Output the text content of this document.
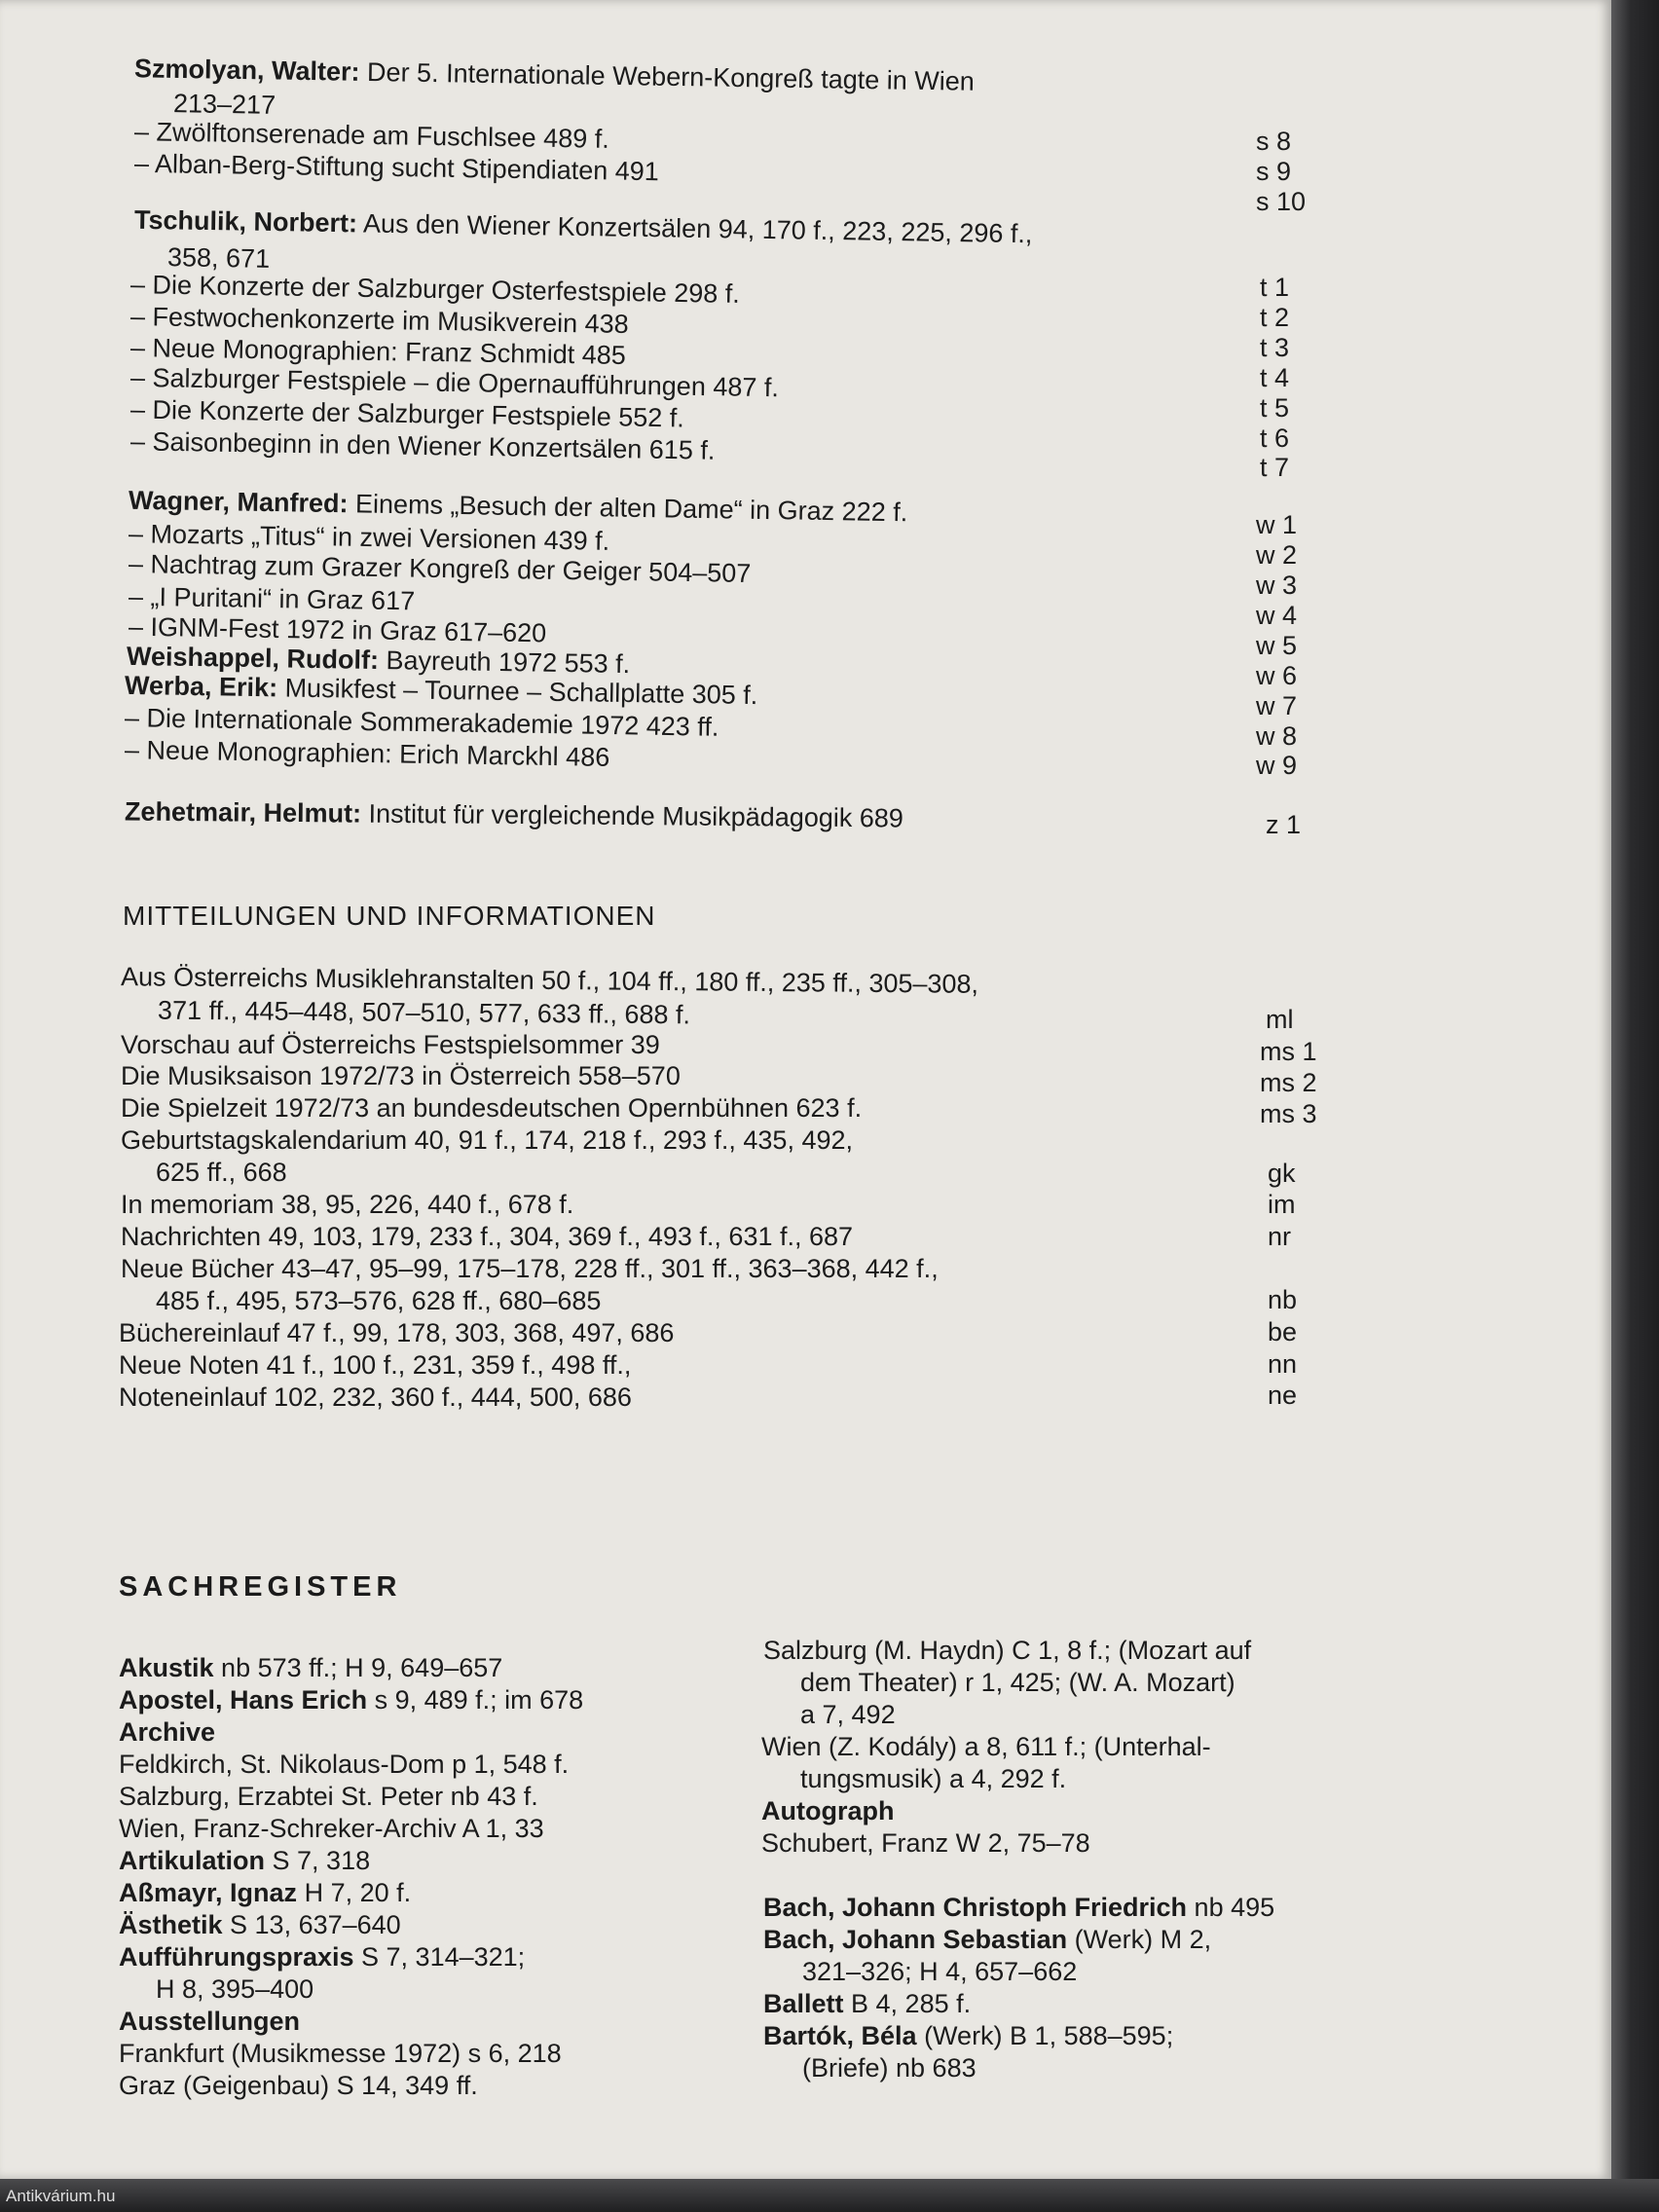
Antikvárium.hu
Szmolyan, Walter: Der 5. Internationale Webern-Kongreß tagte in Wien
213–217
– Zwölftonserenade am Fuschlsee 489 f.
– Alban-Berg-Stiftung sucht Stipendiaten 491
Tschulik, Norbert: Aus den Wiener Konzertsälen 94, 170 f., 223, 225, 296 f.,
358, 671
– Die Konzerte der Salzburger Osterfestspiele 298 f.
– Festwochenkonzerte im Musikverein 438
– Neue Monographien: Franz Schmidt 485
– Salzburger Festspiele – die Opernaufführungen 487 f.
– Die Konzerte der Salzburger Festspiele 552 f.
– Saisonbeginn in den Wiener Konzertsälen 615 f.
Wagner, Manfred: Einems „Besuch der alten Dame“ in Graz 222 f.
– Mozarts „Titus“ in zwei Versionen 439 f.
– Nachtrag zum Grazer Kongreß der Geiger 504–507
– „I Puritani“ in Graz 617
– IGNM-Fest 1972 in Graz 617–620
Weishappel, Rudolf: Bayreuth 1972 553 f.
Werba, Erik: Musikfest – Tournee – Schallplatte 305 f.
– Die Internationale Sommerakademie 1972 423 ff.
– Neue Monographien: Erich Marckhl 486
Zehetmair, Helmut: Institut für vergleichende Musikpädagogik 689
s 8
s 9
s 10
t 1
t 2
t 3
t 4
t 5
t 6
t 7
w 1
w 2
w 3
w 4
w 5
w 6
w 7
w 8
w 9
z 1
MITTEILUNGEN UND INFORMATIONEN
Aus Österreichs Musiklehranstalten 50 f., 104 ff., 180 ff., 235 ff., 305–308,
371 ff., 445–448, 507–510, 577, 633 ff., 688 f.
Vorschau auf Österreichs Festspielsommer 39
Die Musiksaison 1972/73 in Österreich 558–570
Die Spielzeit 1972/73 an bundesdeutschen Opernbühnen 623 f.
Geburtstagskalendarium 40, 91 f., 174, 218 f., 293 f., 435, 492,
625 ff., 668
In memoriam 38, 95, 226, 440 f., 678 f.
Nachrichten 49, 103, 179, 233 f., 304, 369 f., 493 f., 631 f., 687
Neue Bücher 43–47, 95–99, 175–178, 228 ff., 301 ff., 363–368, 442 f.,
485 f., 495, 573–576, 628 ff., 680–685
Büchereinlauf 47 f., 99, 178, 303, 368, 497, 686
Neue Noten 41 f., 100 f., 231, 359 f., 498 ff.,
Noteneinlauf 102, 232, 360 f., 444, 500, 686
ml
ms 1
ms 2
ms 3
gk
im
nr
nb
be
nn
ne
SACHREGISTER
Akustik nb 573 ff.; H 9, 649–657
Apostel, Hans Erich s 9, 489 f.; im 678
Archive
Feldkirch, St. Nikolaus-Dom p 1, 548 f.
Salzburg, Erzabtei St. Peter nb 43 f.
Wien, Franz-Schreker-Archiv A 1, 33
Artikulation S 7, 318
Aßmayr, Ignaz H 7, 20 f.
Ästhetik S 13, 637–640
Aufführungspraxis S 7, 314–321;
H 8, 395–400
Ausstellungen
Frankfurt (Musikmesse 1972) s 6, 218
Graz (Geigenbau) S 14, 349 ff.
Salzburg (M. Haydn) C 1, 8 f.; (Mozart auf
dem Theater) r 1, 425; (W. A. Mozart)
a 7, 492
Wien (Z. Kodály) a 8, 611 f.; (Unterhal-
tungsmusik) a 4, 292 f.
Autograph
Schubert, Franz W 2, 75–78
Bach, Johann Christoph Friedrich nb 495
Bach, Johann Sebastian (Werk) M 2,
321–326; H 4, 657–662
Ballett B 4, 285 f.
Bartók, Béla (Werk) B 1, 588–595;
(Briefe) nb 683
